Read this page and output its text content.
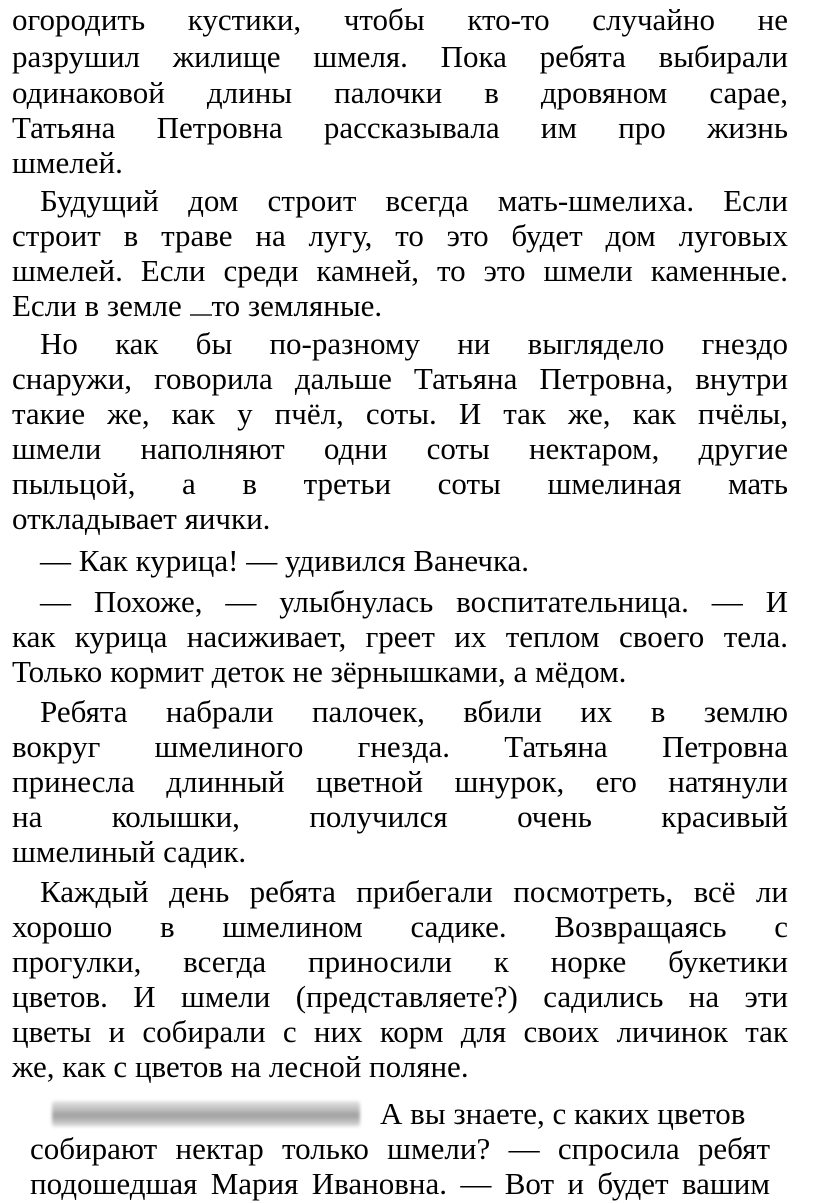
огородить кустики, чтобы кто-то случайно не
разрушил жилище шмеля. Пока ребята выбирали
одинаковой длины палочки в дровяном сарае,
Татьяна Петровна рассказывала им про жизнь
шмелей.
Будущий дом строит всегда мать-шмелиха. Если
строит в траве на лугу, то это будет дом луговых
шмелей. Если среди камней, то это шмели каменные.
Если в земле то земляные.
Но как бы по-разному ни выглядело гнездо
снаружи, говорила дальше Татьяна Петровна, внутри
такие же, как у пчёл, соты. И так же, как пчёлы,
шмели наполняют одни соты нектаром, другие
пыльцой, а в третьи соты шмелиная мать
откладывает яички.
— Как курица! — удивился Ванечка.
— Похоже, — улыбнулась воспитательница. — И
как курица насиживает, греет их теплом своего тела.
Только кормит деток не зёрнышками, а мёдом.
Ребята набрали палочек, вбили их в землю
вокруг шмелиного гнезда. Татьяна Петровна
принесла длинный цветной шнурок, его натянули
на колышки, получился очень красивый
шмелиный садик.
Каждый день ребята прибегали посмотреть, всё ли
хорошо в шмелином садике. Возвращаясь с
прогулки, всегда приносили к норке букетики
цветов. И шмели (представляете?) садились на эти
цветы и собирали с них корм для своих личинок так
же, как с цветов на лесной поляне.
А вы знаете, с каких цветов
собирают нектар только шмели? — спросила ребят
подошедшая Мария Ивановна. — Вот и будет вашим
